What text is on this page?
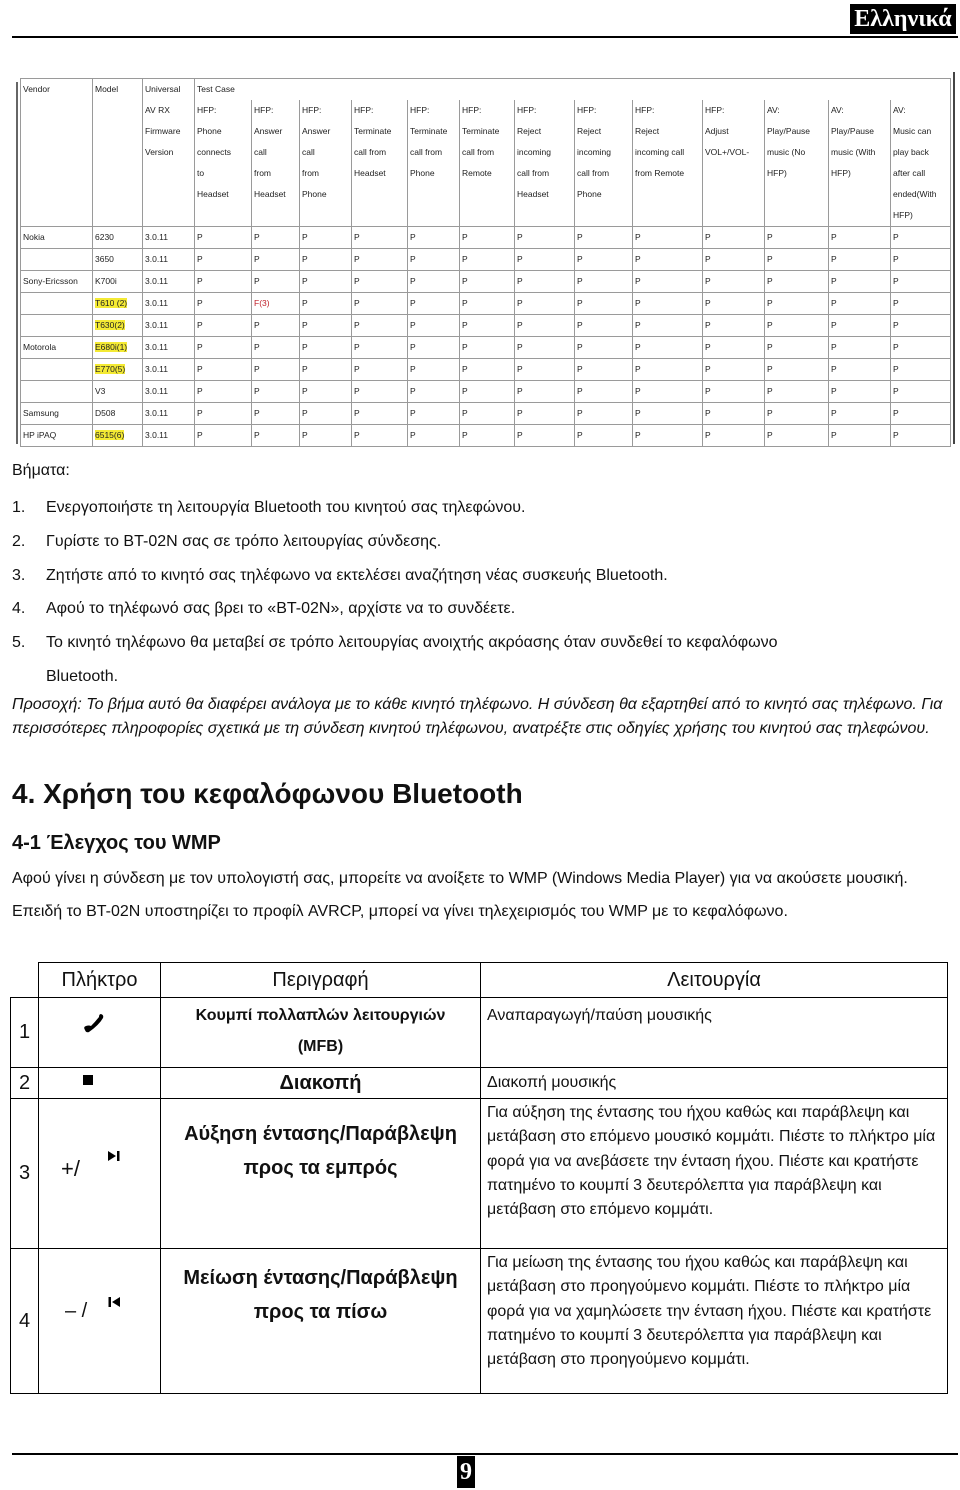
Ελληνικά
Vendor	Model	Universal	Test Case												
		AV RX	HFP:	HFP:	HFP:	HFP:	HFP:	HFP:	HFP:	HFP:	HFP:	HFP:	AV:	AV:	AV:
		Firmware	Phone	Answer	Answer	Terminate	Terminate	Terminate	Reject	Reject	Reject	Adjust	Play/Pause	Play/Pause	Music can
		Version	connects	call	call	call from	call from	call from	incoming	incoming	incoming call	VOL+/VOL-	music (No	music (With	play back
			to	from	from	Headset	Phone	Remote	call from	call from	from Remote		HFP)	HFP)	after call
			Headset	Headset	Phone				Headset	Phone					ended(With
															HFP)
Nokia	6230	3.0.11	P	P	P	P	P	P	P	P	P	P	P	P	P
	3650	3.0.11	P	P	P	P	P	P	P	P	P	P	P	P	P
Sony-Ericsson	K700i	3.0.11	P	P	P	P	P	P	P	P	P	P	P	P	P
	T610 (2)	3.0.11	P	F(3)	P	P	P	P	P	P	P	P	P	P	P
	T630(2)	3.0.11	P	P	P	P	P	P	P	P	P	P	P	P	P
Motorola	E680i(1)	3.0.11	P	P	P	P	P	P	P	P	P	P	P	P	P
	E770(5)	3.0.11	P	P	P	P	P	P	P	P	P	P	P	P	P
	V3	3.0.11	P	P	P	P	P	P	P	P	P	P	P	P	P
Samsung	D508	3.0.11	P	P	P	P	P	P	P	P	P	P	P	P	P
HP iPAQ	6515(6)	3.0.11	P	P	P	P	P	P	P	P	P	P	P	P	P
Βήματα:
1. Ενεργοποιήστε τη λειτουργία Bluetooth του κινητού σας τηλεφώνου.
2. Γυρίστε το BT-02N σας σε τρόπο λειτουργίας σύνδεσης.
3. Ζητήστε από το κινητό σας τηλέφωνο να εκτελέσει αναζήτηση νέας συσκευής Bluetooth.
4. Αφού το τηλέφωνό σας βρει το «BT-02N», αρχίστε να το συνδέετε.
5. Το κινητό τηλέφωνο θα μεταβεί σε τρόπο λειτουργίας ανοιχτής ακρόασης όταν συνδεθεί το κεφαλόφωνο
Bluetooth.
Προσοχή: Το βήμα αυτό θα διαφέρει ανάλογα με το κάθε κινητό τηλέφωνο. Η σύνδεση θα εξαρτηθεί από το κινητό σας τηλέφωνο. Για περισσότερες πληροφορίες σχετικά με τη σύνδεση κινητού τηλέφωνου, ανατρέξτε στις οδηγίες χρήσης του κινητού σας τηλεφώνου.
4. Χρήση του κεφαλόφωνου Bluetooth
4-1 Έλεγχος του WMP
Αφού γίνει η σύνδεση με τον υπολογιστή σας, μπορείτε να ανοίξετε το WMP (Windows Media Player) για να ακούσετε μουσική. Επειδή το BT-02N υποστηρίζει το προφίλ AVRCP, μπορεί να γίνει τηλεχειρισμός του WMP με το κεφαλόφωνο.
	Πλήκτρο	Περιγραφή	Λειτουργία
1		Κουμπί πολλαπλών λειτουργιών
(MFB)	Αναπαραγωγή/παύση μουσικής
2		Διακοπή	Διακοπή μουσικής
3	+/	Αύξηση έντασης/Παράβλεψη προς τα εμπρός	Για αύξηση της έντασης του ήχου καθώς και παράβλεψη και μετάβαση στο επόμενο μουσικό κομμάτι. Πιέστε το πλήκτρο μία φορά για να ανεβάσετε την ένταση ήχου. Πιέστε και κρατήστε πατημένο το κουμπί 3 δευτερόλεπτα για παράβλεψη και μετάβαση στο επόμενο κομμάτι.
4	– /	Μείωση έντασης/Παράβλεψη προς τα πίσω	Για μείωση της έντασης του ήχου καθώς και παράβλεψη και μετάβαση στο προηγούμενο κομμάτι. Πιέστε το πλήκτρο μία φορά για να χαμηλώσετε την ένταση ήχου. Πιέστε και κρατήστε πατημένο το κουμπί 3 δευτερόλεπτα για παράβλεψη και μετάβαση στο προηγούμενο κομμάτι.
9
